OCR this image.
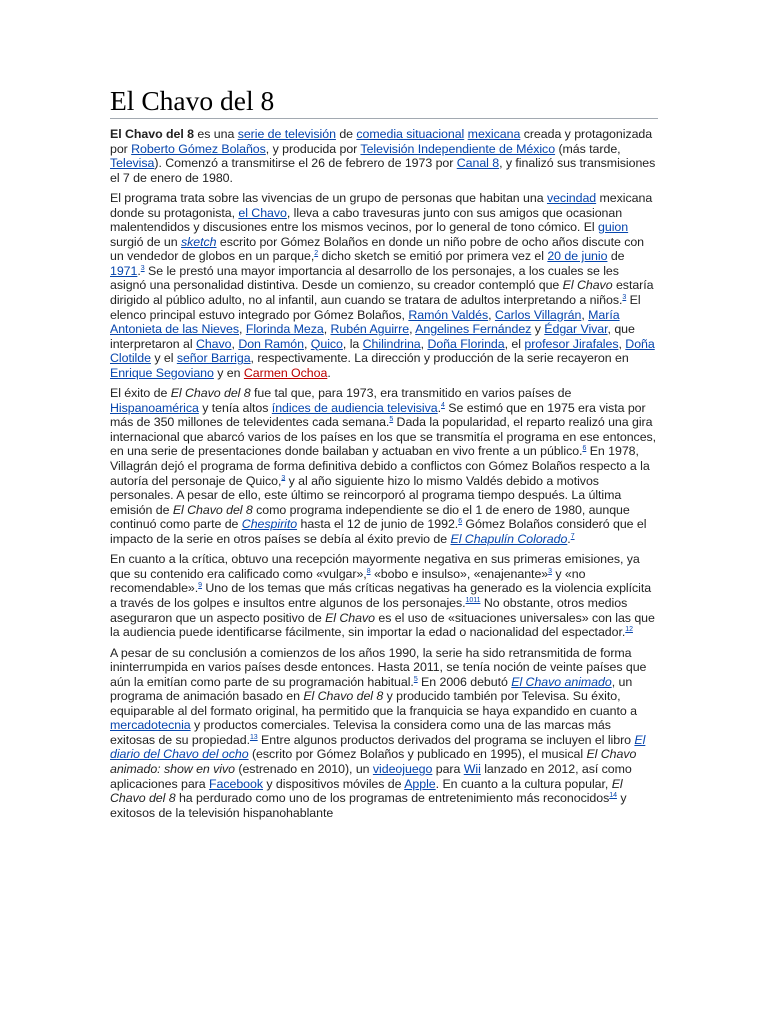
El Chavo del 8

El Chavo del 8 es una serie de televisión de comedia situacional mexicana creada y protagonizada por Roberto Gómez Bolaños, y producida por Televisión Independiente de México (más tarde, Televisa). Comenzó a transmitirse el 26 de febrero de 1973 por Canal 8, y finalizó sus transmisiones el 7 de enero de 1980.

El programa trata sobre las vivencias de un grupo de personas que habitan una vecindad mexicana donde su protagonista, el Chavo, lleva a cabo travesuras junto con sus amigos que ocasionan malentendidos y discusiones entre los mismos vecinos, por lo general de tono cómico. El guion surgió de un sketch escrito por Gómez Bolaños en donde un niño pobre de ocho años discute con un vendedor de globos en un parque,$^2$ dicho sketch se emitió por primera vez el 20 de junio de 1971.$^3$ Se le prestó una mayor importancia al desarrollo de los personajes, a los cuales se les asignó una personalidad distintiva. Desde un comienzo, su creador contempló que El Chavo estaría dirigido al público adulto, no al infantil, aun cuando se tratara de adultos interpretando a niños.$^3$ El elenco principal estuvo integrado por Gómez Bolaños, Ramón Valdés, Carlos Villagrán, María Antonieta de las Nieves, Florinda Meza, Rubén Aguirre, Angelines Fernández y Édgar Vivar, que interpretaron al Chavo, Don Ramón, Quico, la Chilindrina, Doña Florinda, el profesor Jirafales, Doña Clotilde y el señor Barriga, respectivamente. La dirección y producción de la serie recayeron en Enrique Segoviano y en Carmen Ochoa.

El éxito de El Chavo del 8 fue tal que, para 1973, era transmitido en varios países de Hispanoamérica y tenía altos índices de audiencia televisiva.$^4$ Se estimó que en 1975 era vista por más de 350 millones de televidentes cada semana.$^5$ Dada la popularidad, el reparto realizó una gira internacional que abarcó varios de los países en los que se transmitía el programa en ese entonces, en una serie de presentaciones donde bailaban y actuaban en vivo frente a un público.$^6$ En 1978, Villagrán dejó el programa de forma definitiva debido a conflictos con Gómez Bolaños respecto a la autoría del personaje de Quico,$^3$ y al año siguiente hizo lo mismo Valdés debido a motivos personales. A pesar de ello, este último se reincorporó al programa tiempo después. La última emisión de El Chavo del 8 como programa independiente se dio el 1 de enero de 1980, aunque continuó como parte de Chespirito hasta el 12 de junio de 1992.$^6$ Gómez Bolaños consideró que el impacto de la serie en otros países se debía al éxito previo de El Chapulín Colorado.$^7$

En cuanto a la crítica, obtuvo una recepción mayormente negativa en sus primeras emisiones, ya que su contenido era calificado como «vulgar»,$^8$ «bobo e insulso», «enajenante»$^3$ y «no recomendable».$^9$ Uno de los temas que más críticas negativas ha generado es la violencia explícita a través de los golpes e insultos entre algunos de los personajes.$^{1011}$ No obstante, otros medios aseguraron que un aspecto positivo de El Chavo es el uso de «situaciones universales» con las que la audiencia puede identificarse fácilmente, sin importar la edad o nacionalidad del espectador.$^{12}$

A pesar de su conclusión a comienzos de los años 1990, la serie ha sido retransmitida de forma ininterrumpida en varios países desde entonces. Hasta 2011, se tenía noción de veinte países que aún la emitían como parte de su programación habitual.$^5$ En 2006 debutó El Chavo animado, un programa de animación basado en El Chavo del 8 y producido también por Televisa. Su éxito, equiparable al del formato original, ha permitido que la franquicia se haya expandido en cuanto a mercadotecnia y productos comerciales. Televisa la considera como una de las marcas más exitosas de su propiedad.$^{13}$ Entre algunos productos derivados del programa se incluyen el libro El diario del Chavo del ocho (escrito por Gómez Bolaños y publicado en 1995), el musical El Chavo animado: show en vivo (estrenado en 2010), un videojuego para Wii lanzado en 2012, así como aplicaciones para Facebook y dispositivos móviles de Apple. En cuanto a la cultura popular, El Chavo del 8 ha perdurado como uno de los programas de entretenimiento más reconocidos$^{14}$ y exitosos de la televisión hispanohablante
